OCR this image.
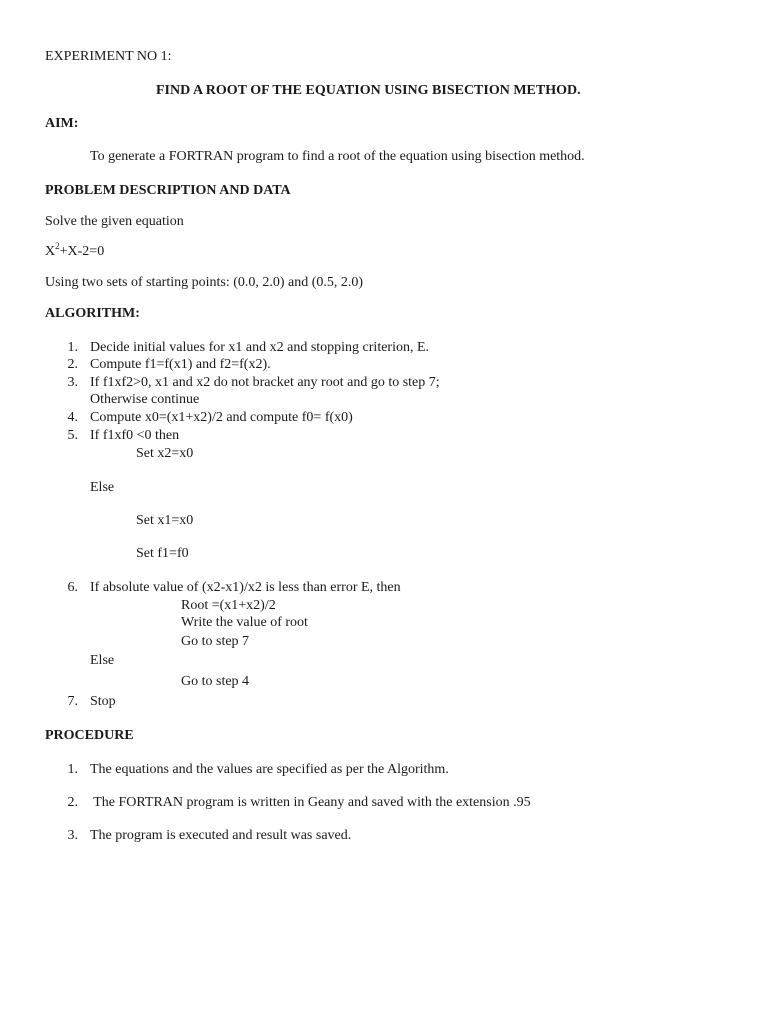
EXPERIMENT NO 1:
FIND A ROOT OF THE EQUATION USING BISECTION METHOD.
AIM:
To generate a FORTRAN program to find a root of the equation using bisection method.
PROBLEM DESCRIPTION AND DATA
Solve the given equation
$X^2+X-2=0$
Using two sets of starting points: (0.0, 2.0) and (0.5, 2.0)
ALGORITHM:
1. Decide initial values for x1 and x2 and stopping criterion, E.
2. Compute f1=f(x1) and f2=f(x2).
3. If f1xf2>0, x1 and x2 do not bracket any root and go to step 7;
Otherwise continue
4. Compute x0=(x1+x2)/2 and compute f0= f(x0)
5. If f1xf0 <0 then
Set x2=x0
Else
Set x1=x0
Set f1=f0
6. If absolute value of (x2-x1)/x2 is less than error E, then
Root =(x1+x2)/2
Write the value of root
Go to step 7
Else
Go to step 4
7. Stop
PROCEDURE
1. The equations and the values are specified as per the Algorithm.
2. The FORTRAN program is written in Geany and saved with the extension .95
3. The program is executed and result was saved.
